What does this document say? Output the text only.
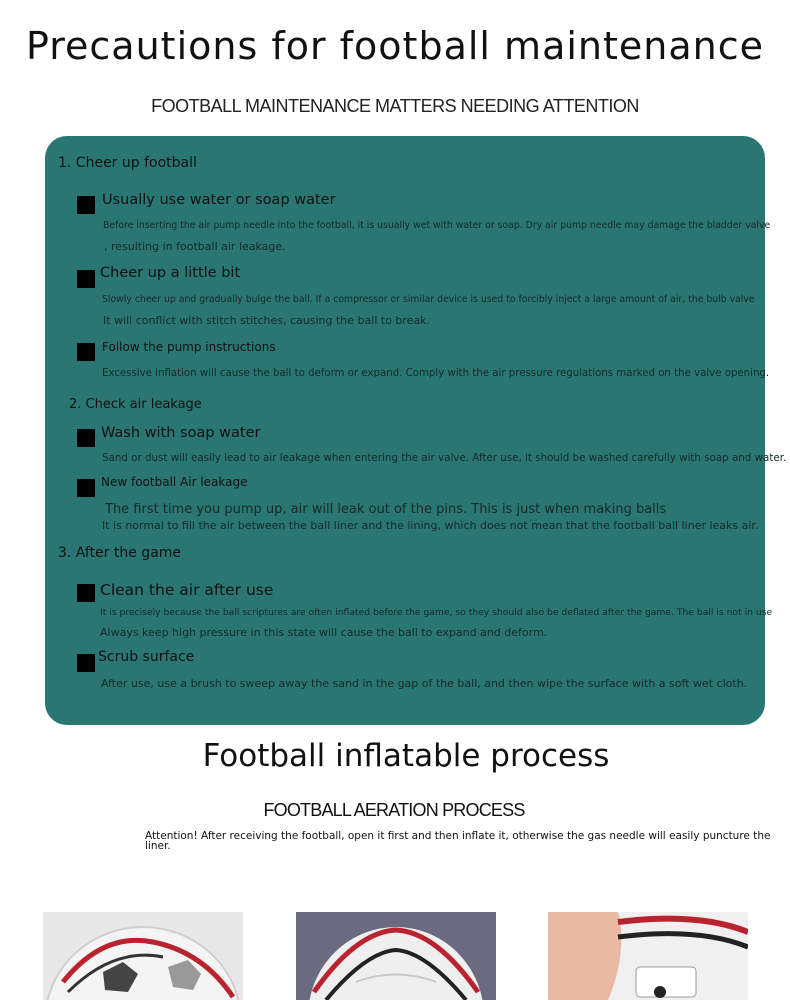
Precautions for football maintenance
FOOTBALL MAINTENANCE MATTERS NEEDING ATTENTION
1. Cheer up football
Usually use water or soap water
Before inserting the air pump needle into the football, it is usually wet with water or soap. Dry air pump needle may damage the bladder valve
, resulting in football air leakage.
Cheer up a little bit
Slowly cheer up and gradually bulge the ball. If a compressor or similar device is used to forcibly inject a large amount of air, the bulb valve
It will conflict with stitch stitches, causing the ball to break.
Follow the pump instructions
Excessive inflation will cause the ball to deform or expand. Comply with the air pressure regulations marked on the valve opening.
2. Check air leakage
Wash with soap water
Sand or dust will easily lead to air leakage when entering the air valve. After use, it should be washed carefully with soap and water.
New football Air leakage
The first time you pump up, air will leak out of the pins. This is just when making balls
It is normal to fill the air between the ball liner and the lining, which does not mean that the football ball liner leaks air.
3. After the game
Clean the air after use
It is precisely because the ball scriptures are often inflated before the game, so they should also be deflated after the game. The ball is not in use
Always keep high pressure in this state will cause the ball to expand and deform.
Scrub surface
After use, use a brush to sweep away the sand in the gap of the ball, and then wipe the surface with a soft wet cloth.
Football inflatable process
FOOTBALL AERATION PROCESS
Attention! After receiving the football, open it first and then inflate it, otherwise the gas needle will easily puncture the liner.
